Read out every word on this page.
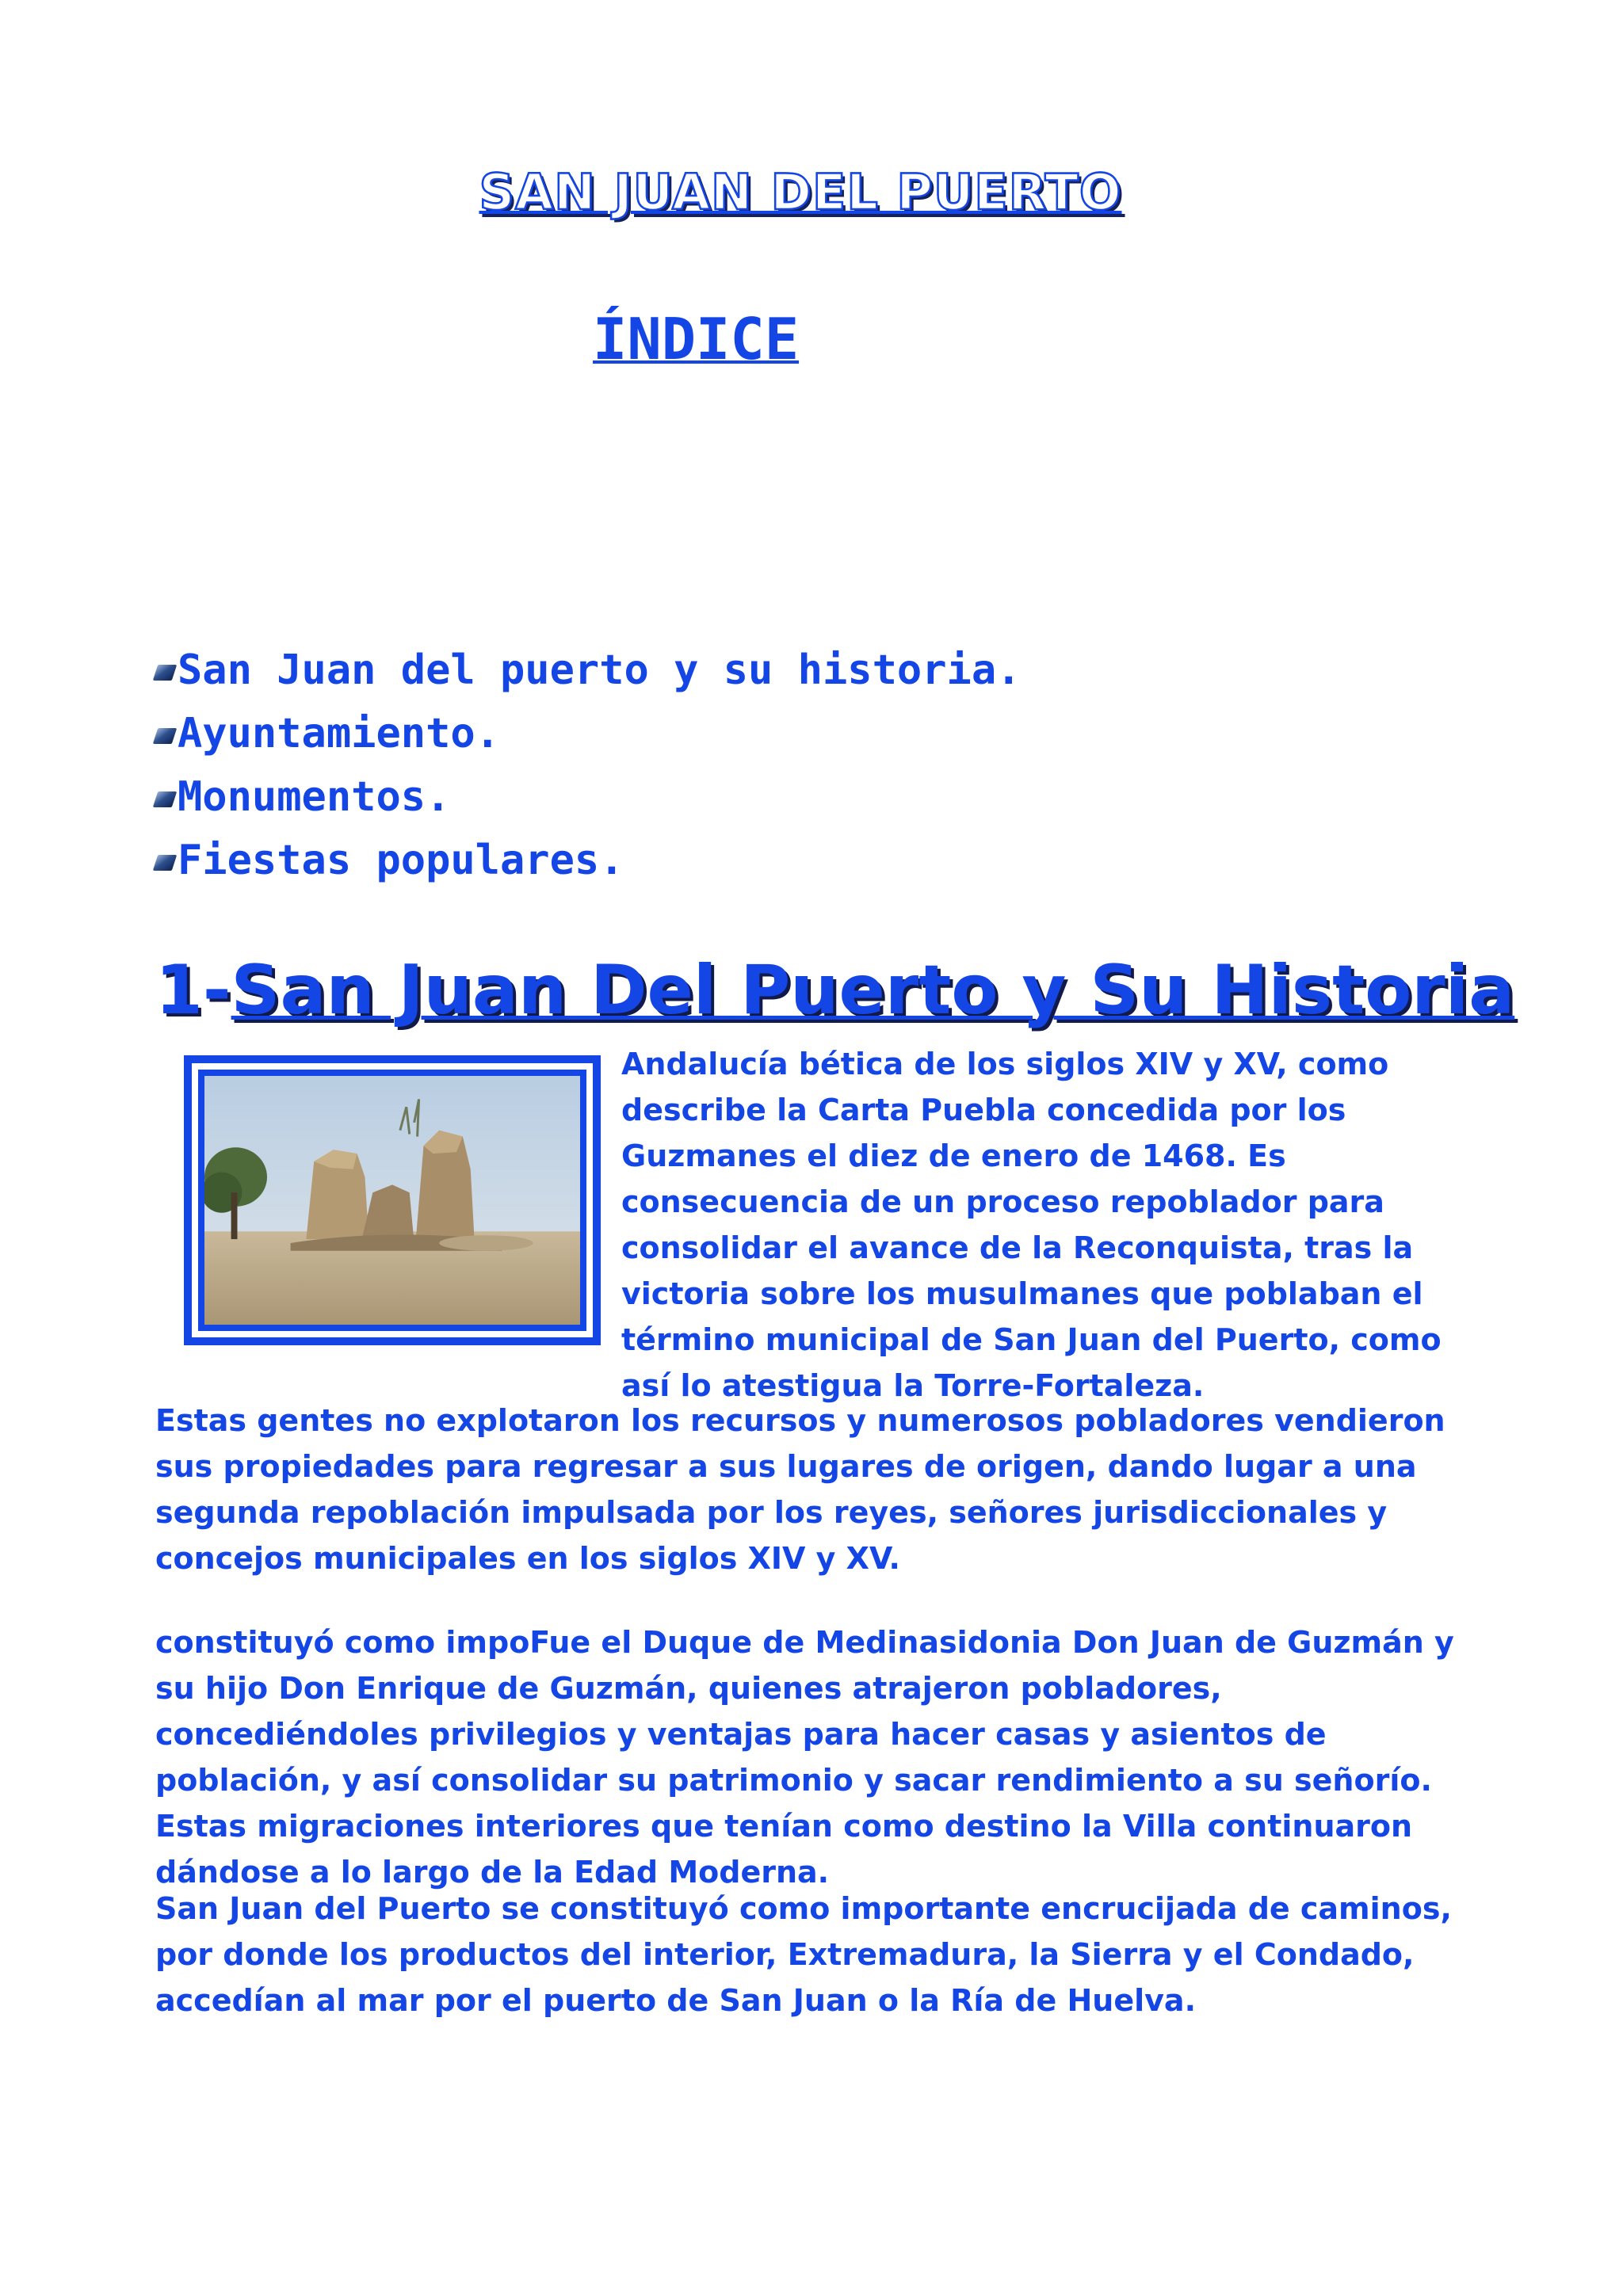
SAN JUAN DEL PUERTO
ÍNDICE
San Juan del puerto y su historia.
Ayuntamiento.
Monumentos.
Fiestas populares.
1-San Juan Del Puerto y Su Historia

Andalucía bética de los siglos XIV y XV, como describe la Carta Puebla concedida por los Guzmanes el diez de enero de 1468. Es consecuencia de un proceso repoblador para consolidar el avance de la Reconquista, tras la victoria sobre los musulmanes que poblaban el término municipal de San Juan del Puerto, como así lo atestigua la Torre-Fortaleza.

Estas gentes no explotaron los recursos y numerosos pobladores vendieron sus propiedades para regresar a sus lugares de origen, dando lugar a una segunda repoblación impulsada por los reyes, señores jurisdiccionales y concejos municipales en los siglos XIV y XV.

constituyó como impoFue el Duque de Medinasidonia Don Juan de Guzmán y su hijo Don Enrique de Guzmán, quienes atrajeron pobladores, concediéndoles privilegios y ventajas para hacer casas y asientos de población, y así consolidar su patrimonio y sacar rendimiento a su señorío. Estas migraciones interiores que tenían como destino la Villa continuaron dándose a lo largo de la Edad Moderna.

San Juan del Puerto se constituyó como importante encrucijada de caminos, por donde los productos del interior, Extremadura, la Sierra y el Condado, accedían al mar por el puerto de San Juan o la Ría de Huelva.
